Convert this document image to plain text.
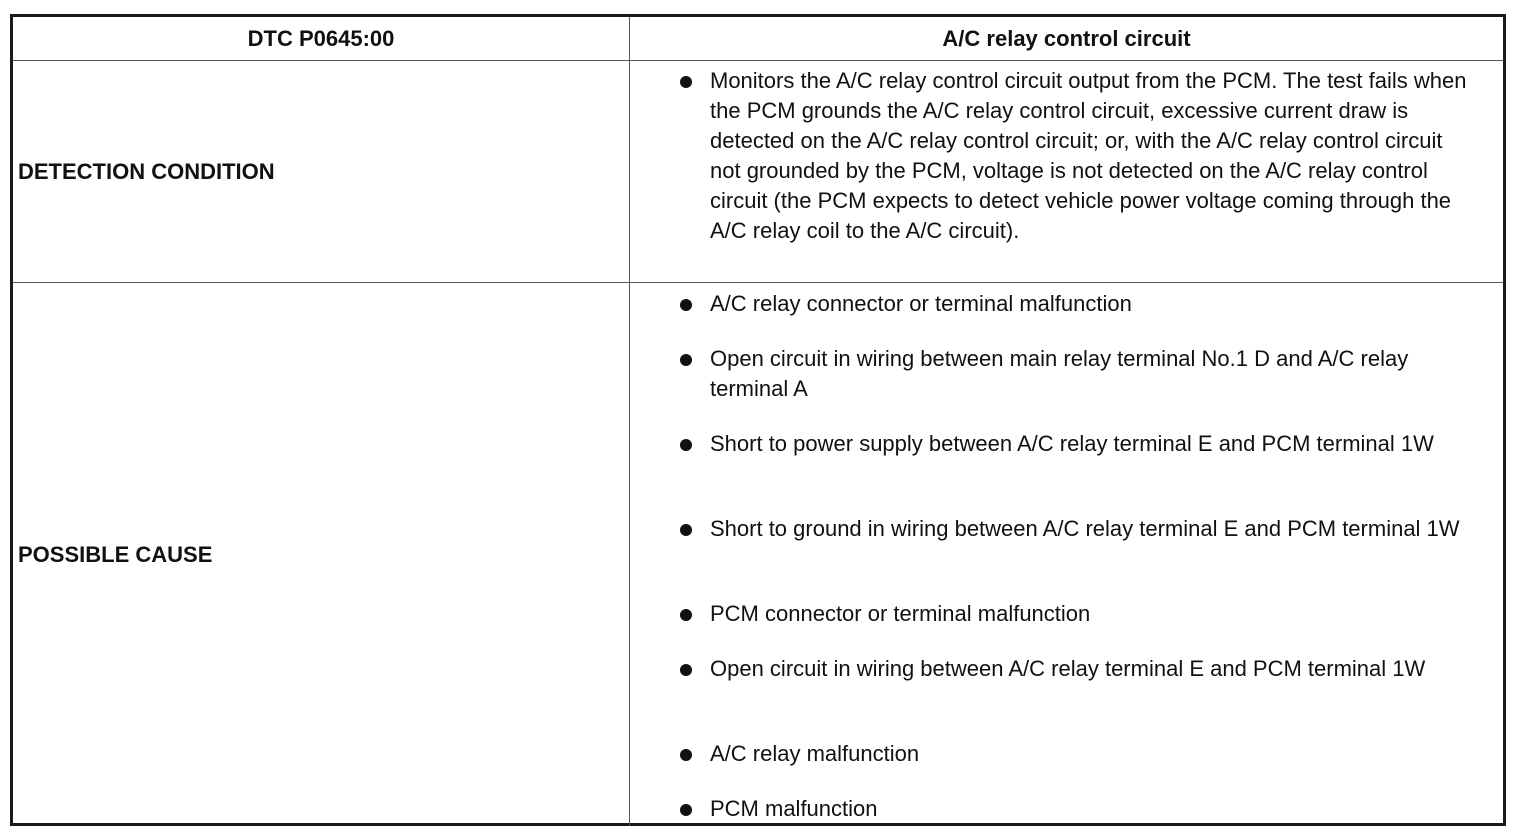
DTC P0645:00	A/C relay control circuit
DETECTION CONDITION
Monitors the A/C relay control circuit output from the PCM. The test fails when the PCM grounds the A/C relay control circuit, excessive current draw is detected on the A/C relay control circuit; or, with the A/C relay control circuit not grounded by the PCM, voltage is not detected on the A/C relay control circuit (the PCM expects to detect vehicle power voltage coming through the A/C relay coil to the A/C circuit).
POSSIBLE CAUSE
A/C relay connector or terminal malfunction
Open circuit in wiring between main relay terminal No.1 D and A/C relay terminal A
Short to power supply between A/C relay terminal E and PCM terminal 1W
Short to ground in wiring between A/C relay terminal E and PCM terminal 1W
PCM connector or terminal malfunction
Open circuit in wiring between A/C relay terminal E and PCM terminal 1W
A/C relay malfunction
PCM malfunction
